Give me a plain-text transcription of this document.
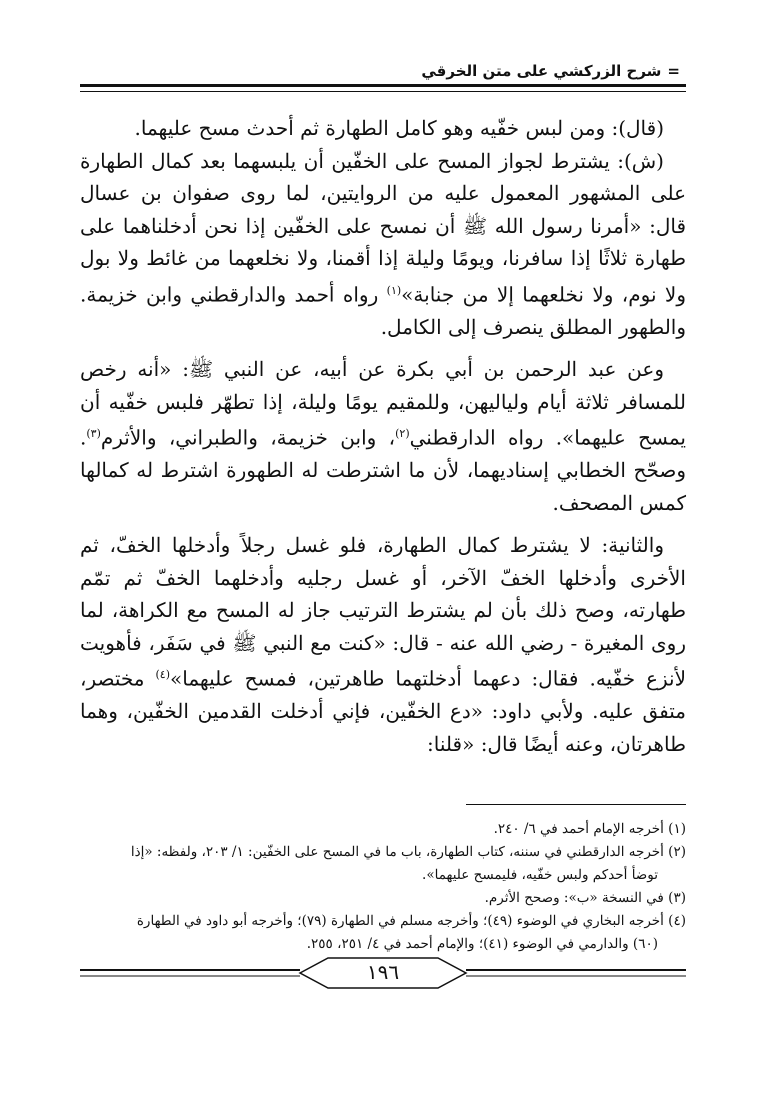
=شرح الزركشي على متن الخرقي

(قال): ومن لبس خفّيه وهو كامل الطهارة ثم أحدث مسح عليهما.

(ش): يشترط لجواز المسح على الخفّين أن يلبسهما بعد كمال الطهارة على المشهور المعمول عليه من الروايتين، لما روى صفوان بن عسال قال: «أمرنا رسول الله ﷺ أن نمسح على الخفّين إذا نحن أدخلناهما على طهارة ثلاثًا إذا سافرنا، ويومًا وليلة إذا أقمنا، ولا نخلعهما من غائط ولا بول ولا نوم، ولا نخلعهما إلا من جنابة»$^{(١)}$ رواه أحمد والدارقطني وابن خزيمة. والطهور المطلق ينصرف إلى الكامل.

وعن عبد الرحمن بن أبي بكرة عن أبيه، عن النبي ﷺ: «أنه رخص للمسافر ثلاثة أيام ولياليهن، وللمقيم يومًا وليلة، إذا تطهّر فلبس خفّيه أن يمسح عليهما». رواه الدارقطني$^{(٢)}$، وابن خزيمة، والطبراني، والأثرم$^{(٣)}$. وصحّح الخطابي إسناديهما، لأن ما اشترطت له الطهورة اشترط له كمالها كمس المصحف.

والثانية: لا يشترط كمال الطهارة، فلو غسل رجلاً وأدخلها الخفّ، ثم الأخرى وأدخلها الخفّ الآخر، أو غسل رجليه وأدخلهما الخفّ ثم تمّم طهارته، وصح ذلك بأن لم يشترط الترتيب جاز له المسح مع الكراهة، لما روى المغيرة - رضي الله عنه - قال: «كنت مع النبي ﷺ في سَفَر، فأهويت لأنزع خفّيه. فقال: دعهما أدخلتهما طاهرتين، فمسح عليهما»$^{(٤)}$ مختصر، متفق عليه. ولأبي داود: «دع الخفّين، فإني أدخلت القدمين الخفّين، وهما طاهرتان، وعنه أيضًا قال: «قلنا:

(١) أخرجه الإمام أحمد في ٦/ ٢٤٠.

(٢) أخرجه الدارقطني في سننه، كتاب الطهارة، باب ما في المسح على الخفّين: ١/ ٢٠٣، ولفظه: «إذا

توضأ أحدكم ولبس خفّيه، فليمسح عليهما».

(٣) في النسخة «ب»: وصحح الأثرم.

(٤) أخرجه البخاري في الوضوء (٤٩)؛ وأخرجه مسلم في الطهارة (٧٩)؛ وأخرجه أبو داود في الطهارة

(٦٠) والدارمي في الوضوء (٤١)؛ والإمام أحمد في ٤/ ٢٥١، ٢٥٥.

١٩٦
